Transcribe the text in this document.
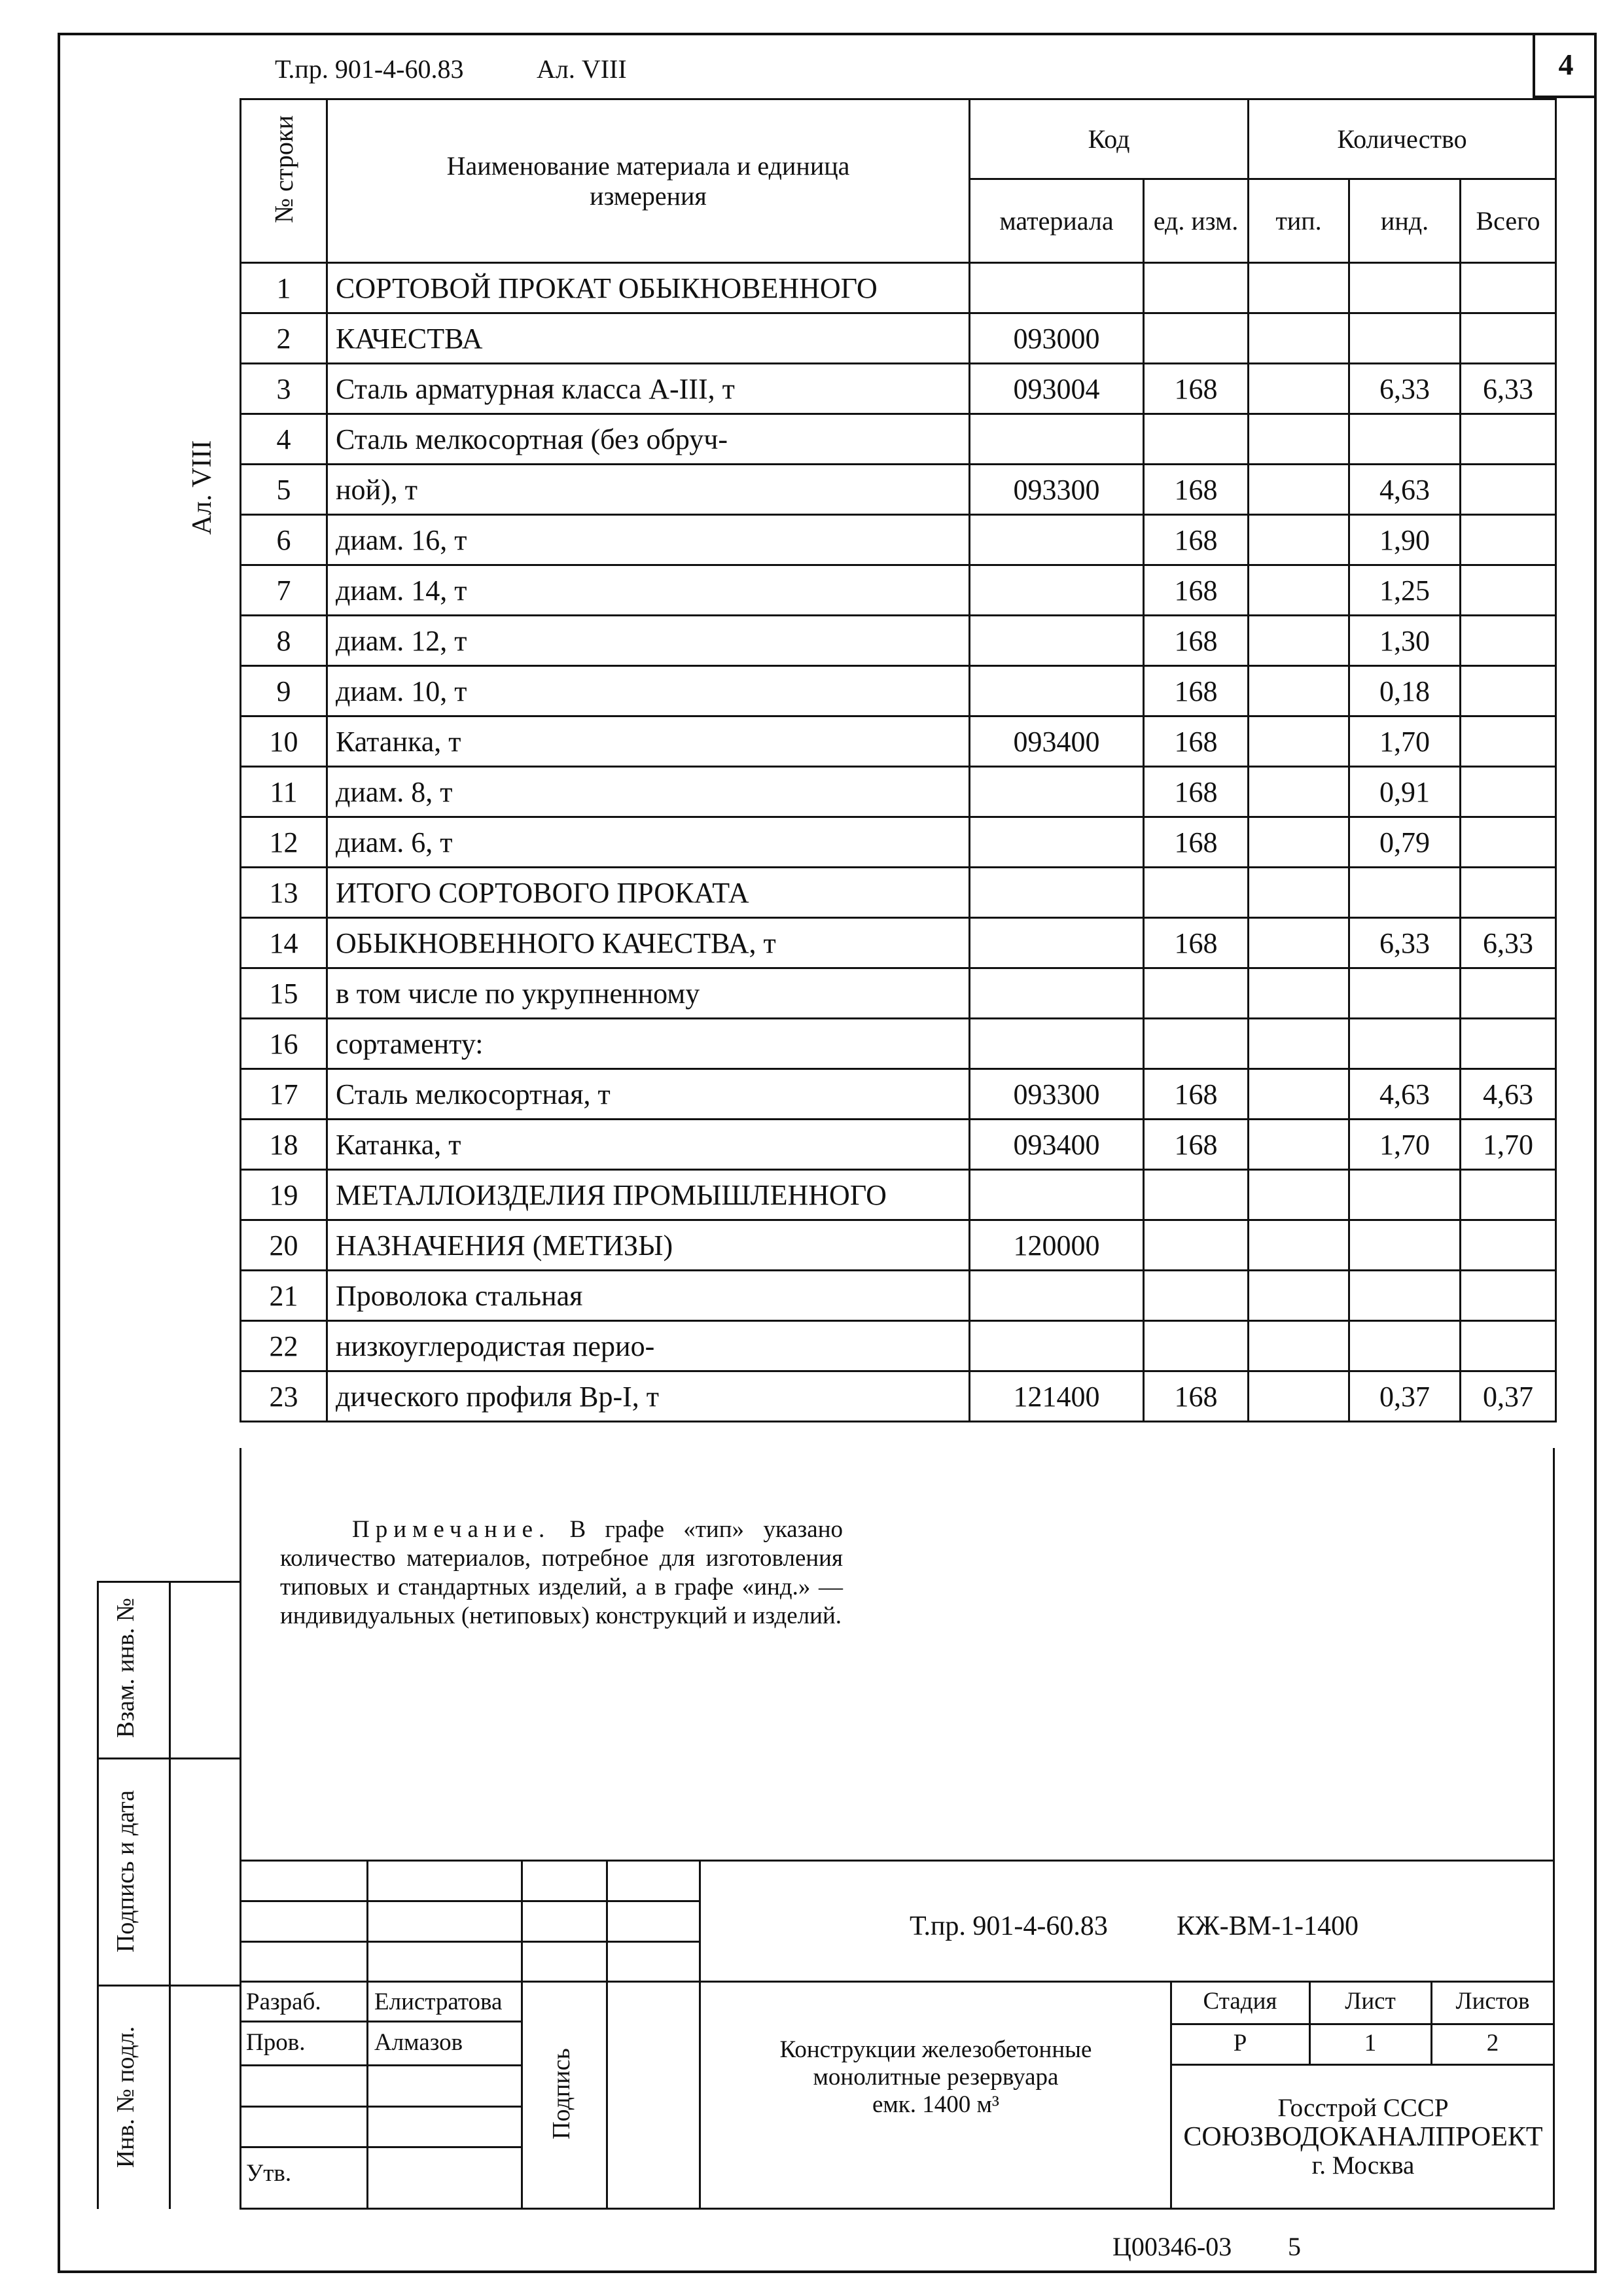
Т.пр. 901-4-60.83	Ал. VIII	4
Ал. VIII
Взам. инв. №
Подпись и дата
Инв. № подл.
№ строки	Наименование материала и единица измерения	Код		Количество		
		материала	ед. изм.	тип.	инд.	Всего
1	СОРТОВОЙ ПРОКАТ ОБЫКНОВЕННОГО					
2	КАЧЕСТВА	093000				
3	Сталь арматурная класса А-III, т	093004	168		6,33	6,33
4	Сталь мелкосортная (без обруч-					
5	ной), т	093300	168		4,63	
6	диам. 16, т		168		1,90	
7	диам. 14, т		168		1,25	
8	диам. 12, т		168		1,30	
9	диам. 10, т		168		0,18	
10	Катанка, т	093400	168		1,70	
11	диам. 8, т		168		0,91	
12	диам. 6, т		168		0,79	
13	ИТОГО СОРТОВОГО ПРОКАТА					
14	ОБЫКНОВЕННОГО КАЧЕСТВА, т		168		6,33	6,33
15	в том числе по укрупненному					
16	сортаменту:					
17	Сталь мелкосортная, т	093300	168		4,63	4,63
18	Катанка, т	093400	168		1,70	1,70
19	МЕТАЛЛОИЗДЕЛИЯ ПРОМЫШЛЕННОГО					
20	НАЗНАЧЕНИЯ (МЕТИЗЫ)	120000				
21	Проволока стальная					
22	низкоуглеродистая перио-					
23	дического профиля Вр-I, т	121400	168		0,37	0,37
Примечание. В графе «тип» указано количество материалов, потребное для изготовления типовых и стандартных изделий, а в графе «инд.» — индивидуальных (нетиповых) конструкций и изделий.
Т.пр. 901-4-60.83	КЖ-ВМ-1-1400
Разраб. Елистратова
Пров.	Алмазов
Утв.
Подпись	Конструкции железобетонные
монолитные резервуара
емк. 1400 м³
Стадия	Лист	Листов
Р	1	2
Госстрой СССР
СОЮЗВОДОКАНАЛПРОЕКТ
г. Москва
Ц00346-03 5
